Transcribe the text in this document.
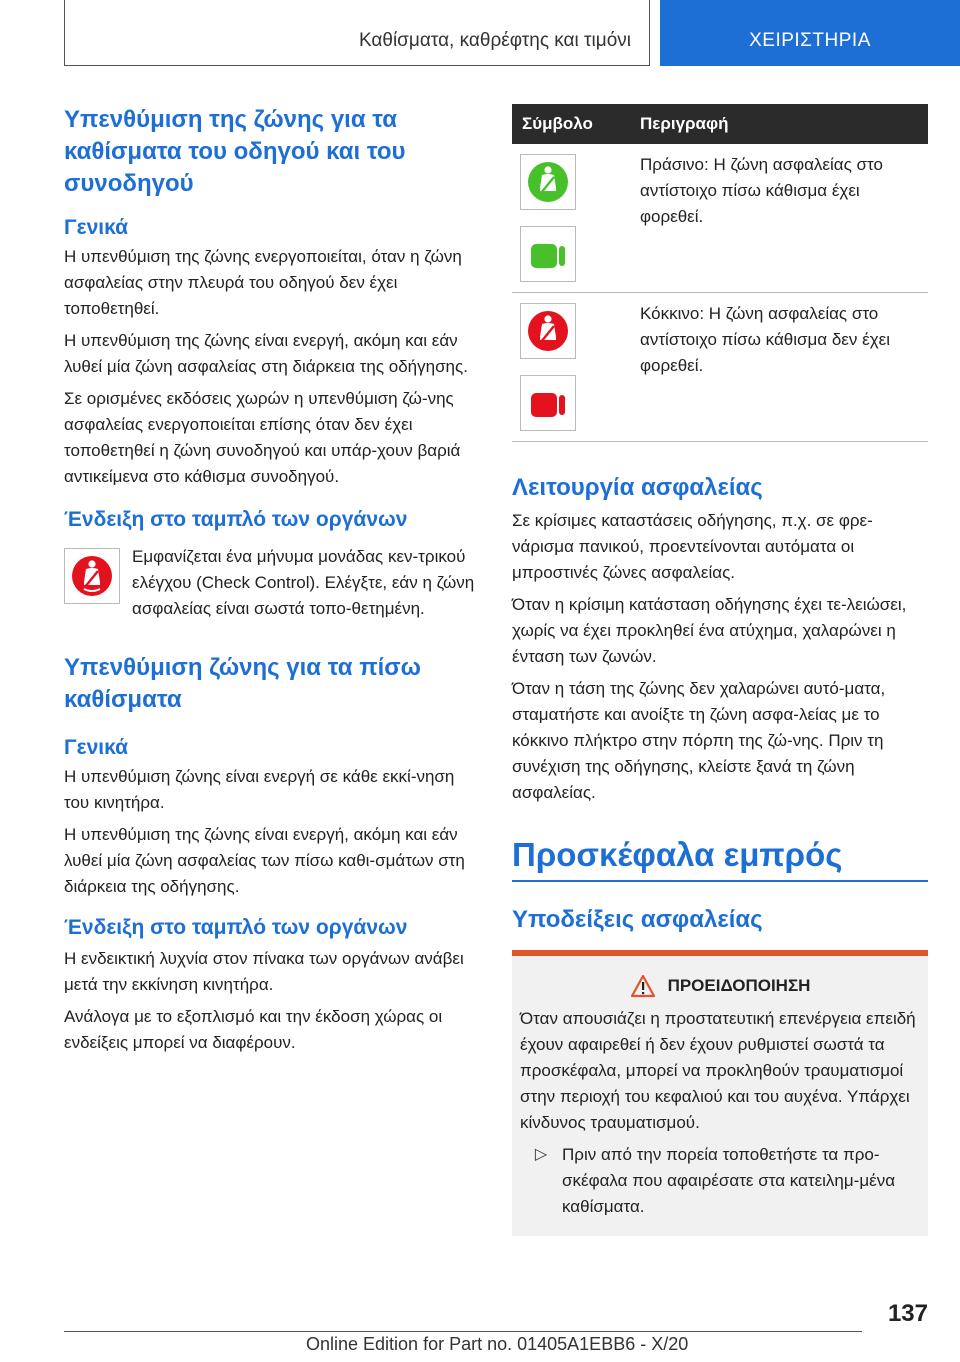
Καθίσματα, καθρέφτης και τιμόνι	ΧΕΙΡΙΣΤΗΡΙΑ
Υπενθύμιση της ζώνης για τα καθίσματα του οδηγού και του συνοδηγού
Γενικά

Η υπενθύμιση της ζώνης ενεργοποιείται, όταν η ζώνη ασφαλείας στην πλευρά του οδηγού δεν έχει τοποθετηθεί.

Η υπενθύμιση της ζώνης είναι ενεργή, ακόμη και εάν λυθεί μία ζώνη ασφαλείας στη διάρκεια της οδήγησης.

Σε ορισμένες εκδόσεις χωρών η υπενθύμιση ζώ-νης ασφαλείας ενεργοποιείται επίσης όταν δεν έχει τοποθετηθεί η ζώνη συνοδηγού και υπάρ-χουν βαριά αντικείμενα στο κάθισμα συνοδηγού.

Ένδειξη στο ταμπλό των οργάνων

Εμφανίζεται ένα μήνυμα μονάδας κεν-τρικού ελέγχου (Check Control). Ελέγξτε, εάν η ζώνη ασφαλείας είναι σωστά τοπο-θετημένη.

Υπενθύμιση ζώνης για τα πίσω καθίσματα
Γενικά

Η υπενθύμιση ζώνης είναι ενεργή σε κάθε εκκί-νηση του κινητήρα.

Η υπενθύμιση της ζώνης είναι ενεργή, ακόμη και εάν λυθεί μία ζώνη ασφαλείας των πίσω καθι-σμάτων στη διάρκεια της οδήγησης.

Ένδειξη στο ταμπλό των οργάνων

Η ενδεικτική λυχνία στον πίνακα των οργάνων ανάβει μετά την εκκίνηση κινητήρα.

Ανάλογα με το εξοπλισμό και την έκδοση χώρας οι ενδείξεις μπορεί να διαφέρουν.

Σύμβολο	Περιγραφή
Πράσινο: Η ζώνη ασφαλείας στο αντίστοιχο πίσω κάθισμα έχει φορεθεί.
Κόκκινο: Η ζώνη ασφαλείας στο αντίστοιχο πίσω κάθισμα δεν έχει φορεθεί.
Λειτουργία ασφαλείας

Σε κρίσιμες καταστάσεις οδήγησης, π.χ. σε φρε-νάρισμα πανικού, προεντείνονται αυτόματα οι μπροστινές ζώνες ασφαλείας.

Όταν η κρίσιμη κατάσταση οδήγησης έχει τε-λειώσει, χωρίς να έχει προκληθεί ένα ατύχημα, χαλαρώνει η ένταση των ζωνών.

Όταν η τάση της ζώνης δεν χαλαρώνει αυτό-ματα, σταματήστε και ανοίξτε τη ζώνη ασφα-λείας με το κόκκινο πλήκτρο στην πόρπη της ζώ-νης. Πριν τη συνέχιση της οδήγησης, κλείστε ξανά τη ζώνη ασφαλείας.

Προσκέφαλα εμπρός
Υποδείξεις ασφαλείας
ΠΡΟΕΙΔΟΠΟΙΗΣΗ

Όταν απουσιάζει η προστατευτική επενέργεια επειδή έχουν αφαιρεθεί ή δεν έχουν ρυθμιστεί σωστά τα προσκέφαλα, μπορεί να προκληθούν τραυματισμοί στην περιοχή του κεφαλιού και του αυχένα. Υπάρχει κίνδυνος τραυματισμού.

▷ Πριν από την πορεία τοποθετήστε τα προ-σκέφαλα που αφαιρέσατε στα κατειλημ-μένα καθίσματα.

137
Online Edition for Part no. 01405A1EBB6 - X/20
